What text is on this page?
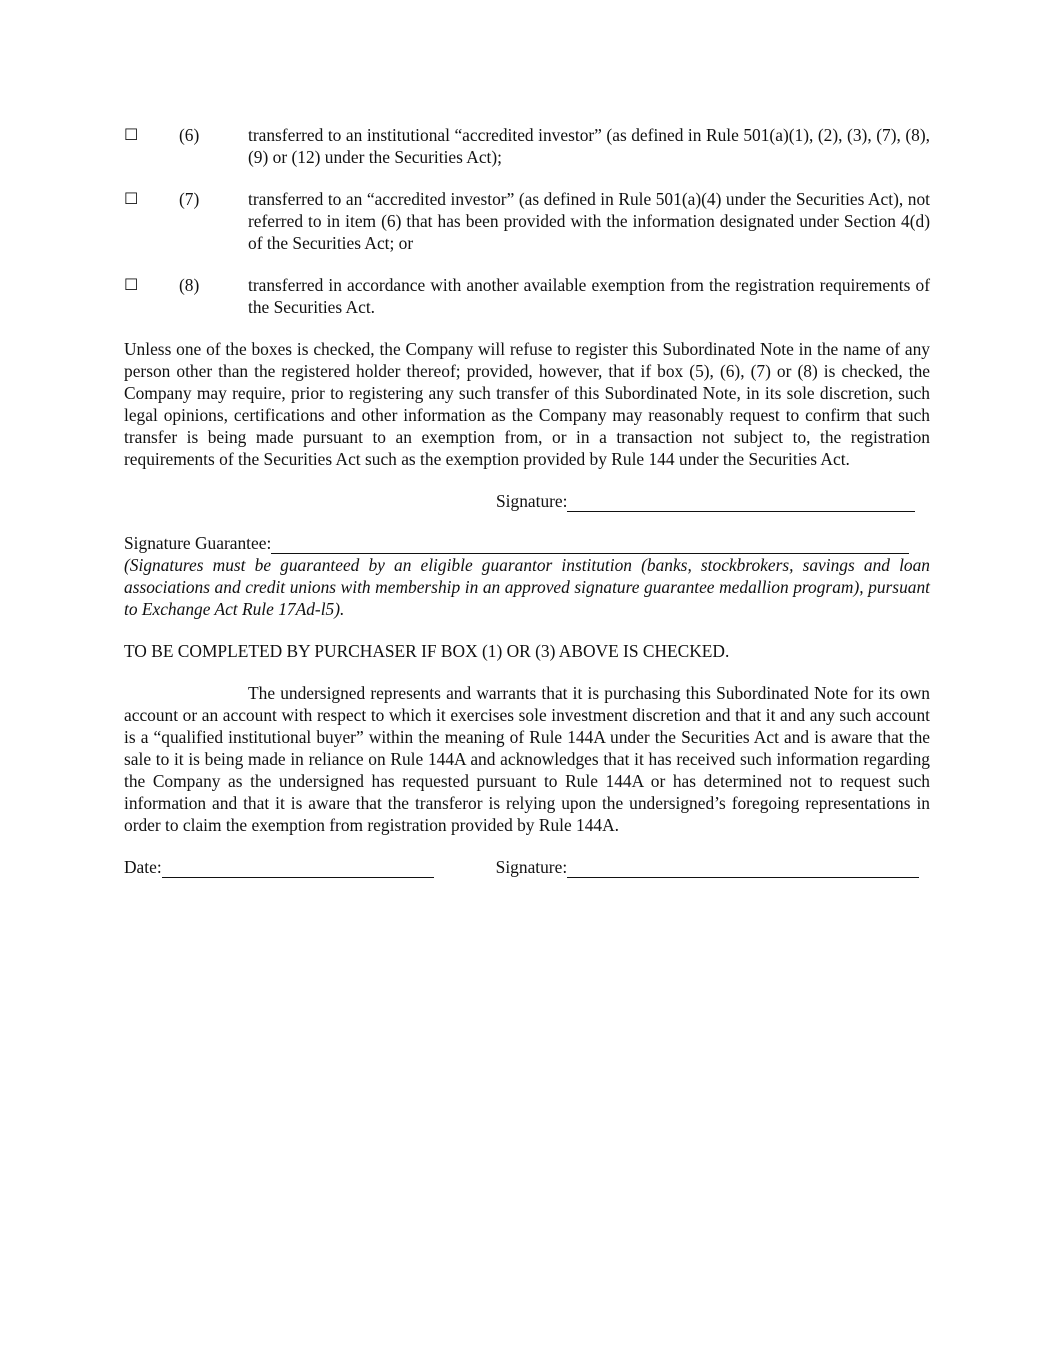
☐ (6)	transferred to an institutional “accredited investor” (as defined in Rule 501(a)(1), (2), (3), (7), (8), (9) or (12) under the Securities Act);
☐ (7)	transferred to an “accredited investor” (as defined in Rule 501(a)(4) under the Securities Act), not referred to in item (6) that has been provided with the information designated under Section 4(d) of the Securities Act; or
☐ (8)	transferred in accordance with another available exemption from the registration requirements of the Securities Act.

Unless one of the boxes is checked, the Company will refuse to register this Subordinated Note in the name of any person other than the registered holder thereof; provided, however, that if box (5), (6), (7) or (8) is checked, the Company may require, prior to registering any such transfer of this Subordinated Note, in its sole discretion, such legal opinions, certifications and other information as the Company may reasonably request to confirm that such transfer is being made pursuant to an exemption from, or in a transaction not subject to, the registration requirements of the Securities Act such as the exemption provided by Rule 144 under the Securities Act.

Signature:
Signature Guarantee:

(Signatures must be guaranteed by an eligible guarantor institution (banks, stockbrokers, savings and loan associations and credit unions with membership in an approved signature guarantee medallion program), pursuant to Exchange Act Rule 17Ad-l5).

TO BE COMPLETED BY PURCHASER IF BOX (1) OR (3) ABOVE IS CHECKED.

The undersigned represents and warrants that it is purchasing this Subordinated Note for its own account or an account with respect to which it exercises sole investment discretion and that it and any such account is a “qualified institutional buyer” within the meaning of Rule 144A under the Securities Act and is aware that the sale to it is being made in reliance on Rule 144A and acknowledges that it has received such information regarding the Company as the undersigned has requested pursuant to Rule 144A or has determined not to request such information and that it is aware that the transferor is relying upon the undersigned’s foregoing representations in order to claim the exemption from registration provided by Rule 144A.

Date:	Signature:
